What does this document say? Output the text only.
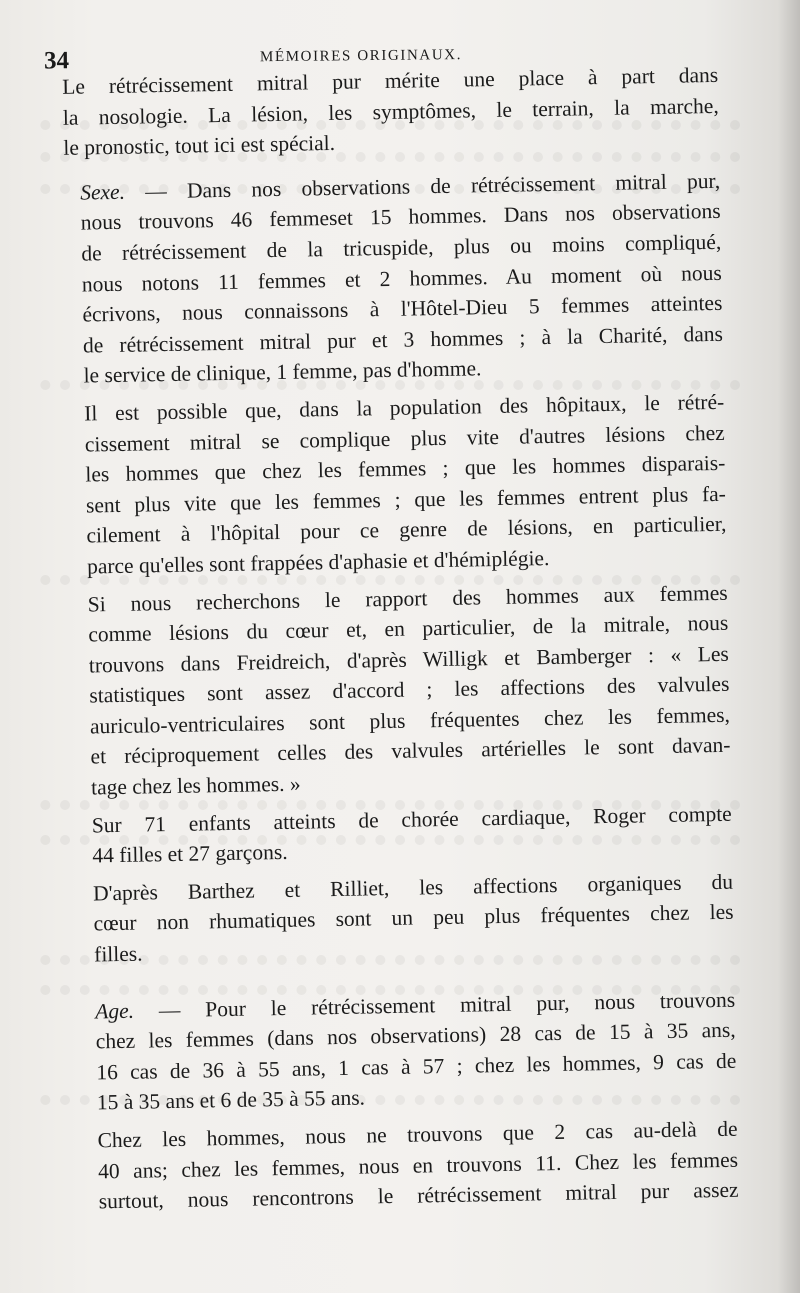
34	MÉMOIRES ORIGINAUX.

Le rétrécissement mitral pur mérite une place à part dans
la nosologie. La lésion, les symptômes, le terrain, la marche,
le pronostic, tout ici est spécial.

Sexe. — Dans nos observations de rétrécissement mitral pur,
nous trouvons 46 femmeset 15 hommes. Dans nos observations
de rétrécissement de la tricuspide, plus ou moins compliqué,
nous notons 11 femmes et 2 hommes. Au moment où nous
écrivons, nous connaissons à l'Hôtel-Dieu 5 femmes atteintes
de rétrécissement mitral pur et 3 hommes ; à la Charité, dans
le service de clinique, 1 femme, pas d'homme.

Il est possible que, dans la population des hôpitaux, le rétré-
cissement mitral se complique plus vite d'autres lésions chez
les hommes que chez les femmes ; que les hommes disparais-
sent plus vite que les femmes ; que les femmes entrent plus fa-
cilement à l'hôpital pour ce genre de lésions, en particulier,
parce qu'elles sont frappées d'aphasie et d'hémiplégie.

Si nous recherchons le rapport des hommes aux femmes
comme lésions du cœur et, en particulier, de la mitrale, nous
trouvons dans Freidreich, d'après Willigk et Bamberger : « Les
statistiques sont assez d'accord ; les affections des valvules
auriculo-ventriculaires sont plus fréquentes chez les femmes,
et réciproquement celles des valvules artérielles le sont davan-
tage chez les hommes. »

Sur 71 enfants atteints de chorée cardiaque, Roger compte
44 filles et 27 garçons.

D'après Barthez et Rilliet, les affections organiques du
cœur non rhumatiques sont un peu plus fréquentes chez les
filles.

Age. — Pour le rétrécissement mitral pur, nous trouvons
chez les femmes (dans nos observations) 28 cas de 15 à 35 ans,
16 cas de 36 à 55 ans, 1 cas à 57 ; chez les hommes, 9 cas de
15 à 35 ans et 6 de 35 à 55 ans.

Chez les hommes, nous ne trouvons que 2 cas au-delà de
40 ans; chez les femmes, nous en trouvons 11. Chez les femmes
surtout, nous rencontrons le rétrécissement mitral pur assez
